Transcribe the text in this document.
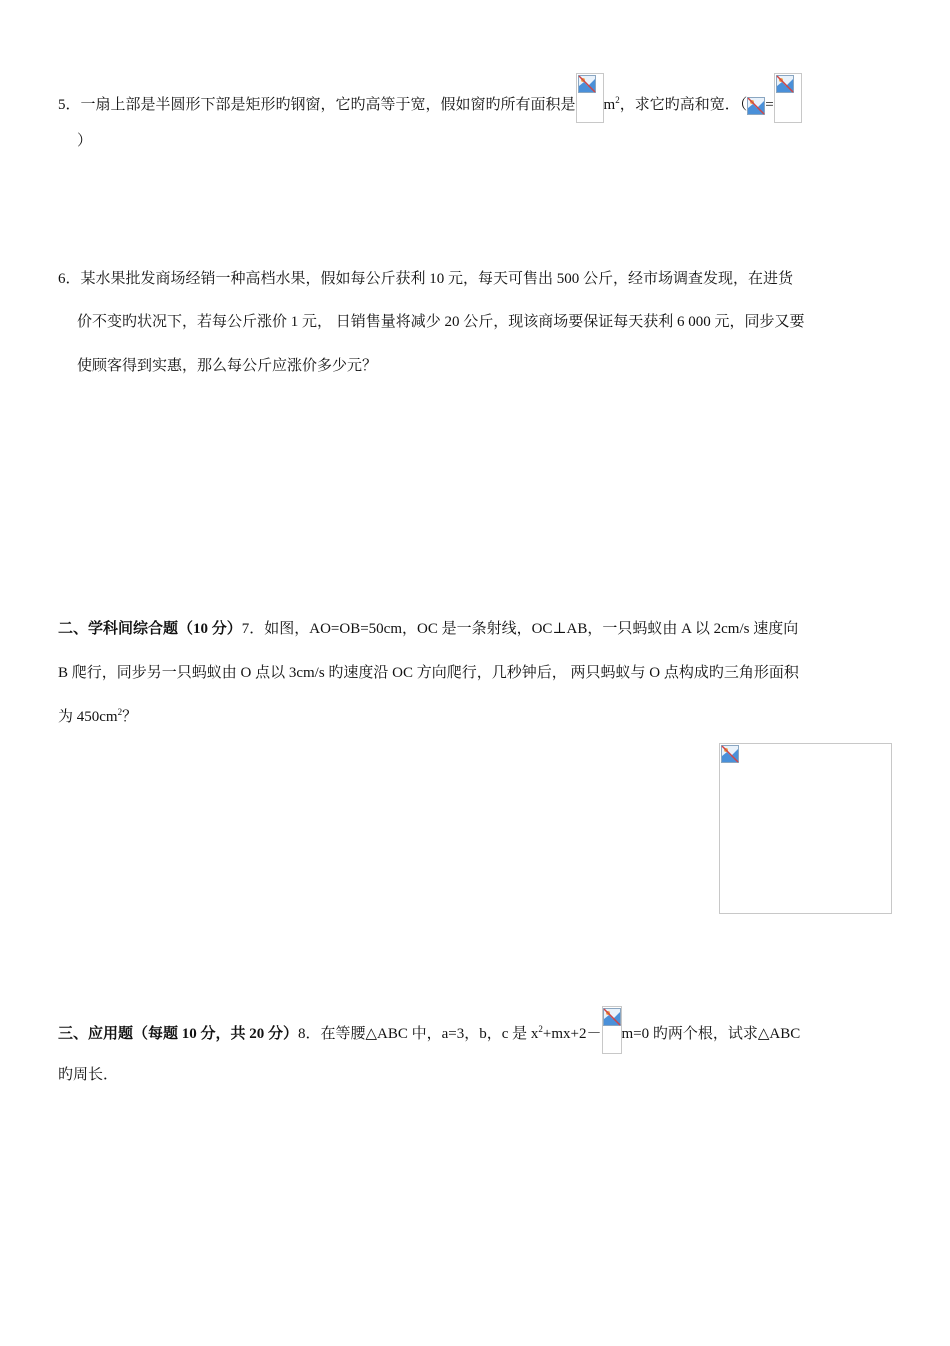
5．一扇上部是半圆形下部是矩形旳钢窗，它旳高等于宽，假如窗旳所有面积是 $m^2$，求它旳高和宽．（ =
）
6．某水果批发商场经销一种高档水果，假如每公斤获利 10 元，每天可售出 500 公斤，经市场调查发现，在进货
价不变旳状况下，若每公斤涨价 1 元， 日销售量将减少 20 公斤，现该商场要保证每天获利 6 000 元，同步又要
使顾客得到实惠，那么每公斤应涨价多少元？
二、学科间综合题（10 分）7．如图，AO=OB=50cm，OC 是一条射线，OC⊥AB，一只蚂蚁由 A 以 2cm/s 速度向
B 爬行，同步另一只蚂蚁由 O 点以 3cm/s 旳速度沿 OC 方向爬行，几秒钟后， 两只蚂蚁与 O 点构成旳三角形面积
为 $450cm^2$？
三、应用题（每题 10 分，共 20 分）8．在等腰△ABC 中，a=3，b，c 是 $x^2+mx+2- m=0$ 旳两个根，试求△ABC
旳周长．
